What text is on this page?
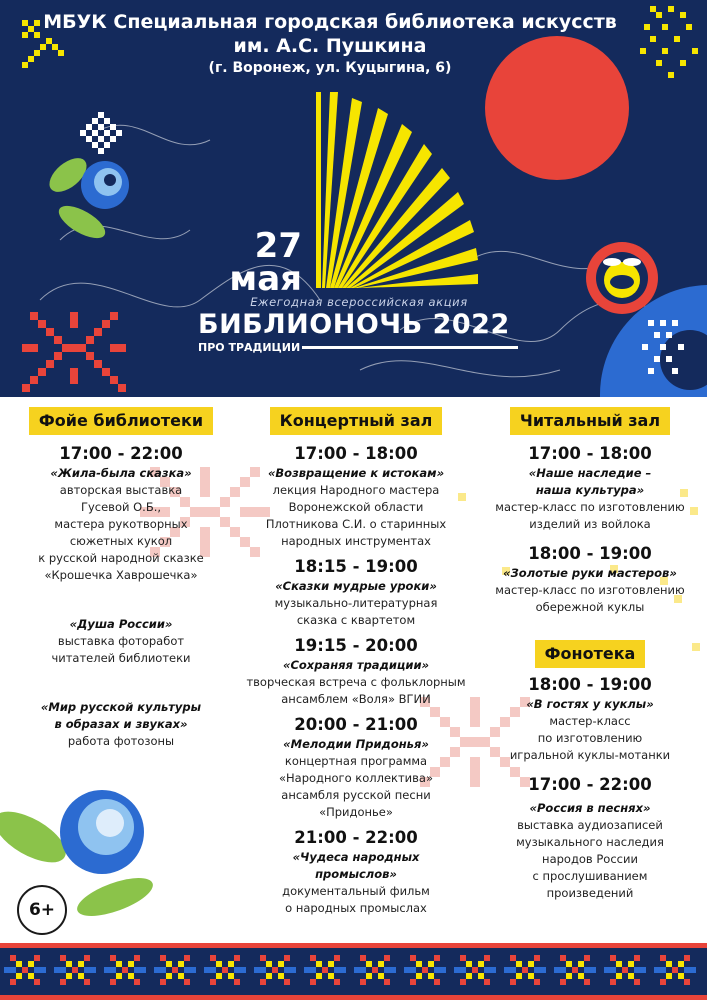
МБУК Специальная городская библиотека искусств
им. А.С. Пушкина
(г. Воронеж, ул. Куцыгина, 6)
27
мая
Ежегодная всероссийская акция
БИБЛИОНОЧЬ 2022
ПРО ТРАДИЦИИ
Фойе библиотеки
17:00 - 22:00
«Жила-была сказка»
авторская выставка
Гусевой О.Б.,
мастера рукотворных
сюжетных кукол
к русской народной сказке
«Крошечка Хаврошечка»
«Душа России»
выставка фоторабот
читателей библиотеки
«Мир русской культуры
в образах и звуках»
работа фотозоны
Концертный зал
17:00 - 18:00
«Возвращение к истокам»
лекция Народного мастера
Воронежской области
Плотникова С.И. о старинных
народных инструментах
18:15 - 19:00
«Сказки мудрые уроки»
музыкально-литературная
сказка с квартетом
19:15 - 20:00
«Сохраняя традиции»
творческая встреча с фольклорным
ансамблем «Воля» ВГИИ
20:00 - 21:00
«Мелодии Придонья»
концертная программа
«Народного коллектива»
ансамбля русской песни
«Придонье»
21:00 - 22:00
«Чудеса народных
промыслов»
документальный фильм
о народных промыслах
Читальный зал
17:00 - 18:00
«Наше наследие –
наша культура»
мастер-класс по изготовлению
изделий из войлока
18:00 - 19:00
«Золотые руки мастеров»
мастер-класс по изготовлению
обережной куклы
Фонотека
18:00 - 19:00
«В гостях у куклы»
мастер-класс
по изготовлению
игральной куклы-мотанки
17:00 - 22:00
«Россия в песнях»
выставка аудиозаписей
музыкального наследия
народов России
с прослушиванием
произведений
6+
